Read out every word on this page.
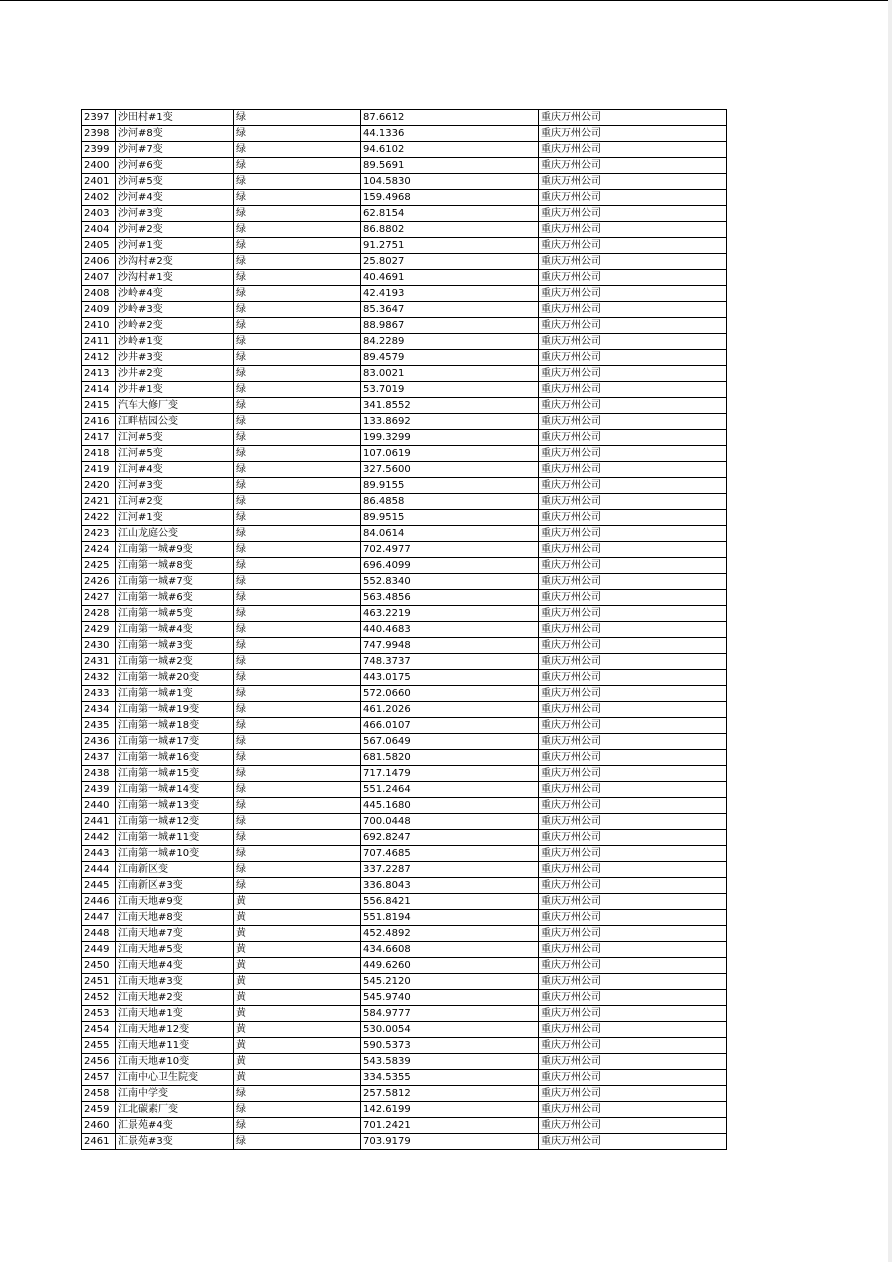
2397	沙田村#1变	绿	87.6612	重庆万州公司
2398	沙河#8变	绿	44.1336	重庆万州公司
2399	沙河#7变	绿	94.6102	重庆万州公司
2400	沙河#6变	绿	89.5691	重庆万州公司
2401	沙河#5变	绿	104.5830	重庆万州公司
2402	沙河#4变	绿	159.4968	重庆万州公司
2403	沙河#3变	绿	62.8154	重庆万州公司
2404	沙河#2变	绿	86.8802	重庆万州公司
2405	沙河#1变	绿	91.2751	重庆万州公司
2406	沙沟村#2变	绿	25.8027	重庆万州公司
2407	沙沟村#1变	绿	40.4691	重庆万州公司
2408	沙岭#4变	绿	42.4193	重庆万州公司
2409	沙岭#3变	绿	85.3647	重庆万州公司
2410	沙岭#2变	绿	88.9867	重庆万州公司
2411	沙岭#1变	绿	84.2289	重庆万州公司
2412	沙井#3变	绿	89.4579	重庆万州公司
2413	沙井#2变	绿	83.0021	重庆万州公司
2414	沙井#1变	绿	53.7019	重庆万州公司
2415	汽车大修厂变	绿	341.8552	重庆万州公司
2416	江畔桔园公变	绿	133.8692	重庆万州公司
2417	江河#5变	绿	199.3299	重庆万州公司
2418	江河#5变	绿	107.0619	重庆万州公司
2419	江河#4变	绿	327.5600	重庆万州公司
2420	江河#3变	绿	89.9155	重庆万州公司
2421	江河#2变	绿	86.4858	重庆万州公司
2422	江河#1变	绿	89.9515	重庆万州公司
2423	江山龙庭公变	绿	84.0614	重庆万州公司
2424	江南第一城#9变	绿	702.4977	重庆万州公司
2425	江南第一城#8变	绿	696.4099	重庆万州公司
2426	江南第一城#7变	绿	552.8340	重庆万州公司
2427	江南第一城#6变	绿	563.4856	重庆万州公司
2428	江南第一城#5变	绿	463.2219	重庆万州公司
2429	江南第一城#4变	绿	440.4683	重庆万州公司
2430	江南第一城#3变	绿	747.9948	重庆万州公司
2431	江南第一城#2变	绿	748.3737	重庆万州公司
2432	江南第一城#20变	绿	443.0175	重庆万州公司
2433	江南第一城#1变	绿	572.0660	重庆万州公司
2434	江南第一城#19变	绿	461.2026	重庆万州公司
2435	江南第一城#18变	绿	466.0107	重庆万州公司
2436	江南第一城#17变	绿	567.0649	重庆万州公司
2437	江南第一城#16变	绿	681.5820	重庆万州公司
2438	江南第一城#15变	绿	717.1479	重庆万州公司
2439	江南第一城#14变	绿	551.2464	重庆万州公司
2440	江南第一城#13变	绿	445.1680	重庆万州公司
2441	江南第一城#12变	绿	700.0448	重庆万州公司
2442	江南第一城#11变	绿	692.8247	重庆万州公司
2443	江南第一城#10变	绿	707.4685	重庆万州公司
2444	江南新区变	绿	337.2287	重庆万州公司
2445	江南新区#3变	绿	336.8043	重庆万州公司
2446	江南天地#9变	黄	556.8421	重庆万州公司
2447	江南天地#8变	黄	551.8194	重庆万州公司
2448	江南天地#7变	黄	452.4892	重庆万州公司
2449	江南天地#5变	黄	434.6608	重庆万州公司
2450	江南天地#4变	黄	449.6260	重庆万州公司
2451	江南天地#3变	黄	545.2120	重庆万州公司
2452	江南天地#2变	黄	545.9740	重庆万州公司
2453	江南天地#1变	黄	584.9777	重庆万州公司
2454	江南天地#12变	黄	530.0054	重庆万州公司
2455	江南天地#11变	黄	590.5373	重庆万州公司
2456	江南天地#10变	黄	543.5839	重庆万州公司
2457	江南中心卫生院变	黄	334.5355	重庆万州公司
2458	江南中学变	绿	257.5812	重庆万州公司
2459	江北碳素厂变	绿	142.6199	重庆万州公司
2460	汇景苑#4变	绿	701.2421	重庆万州公司
2461	汇景苑#3变	绿	703.9179	重庆万州公司
